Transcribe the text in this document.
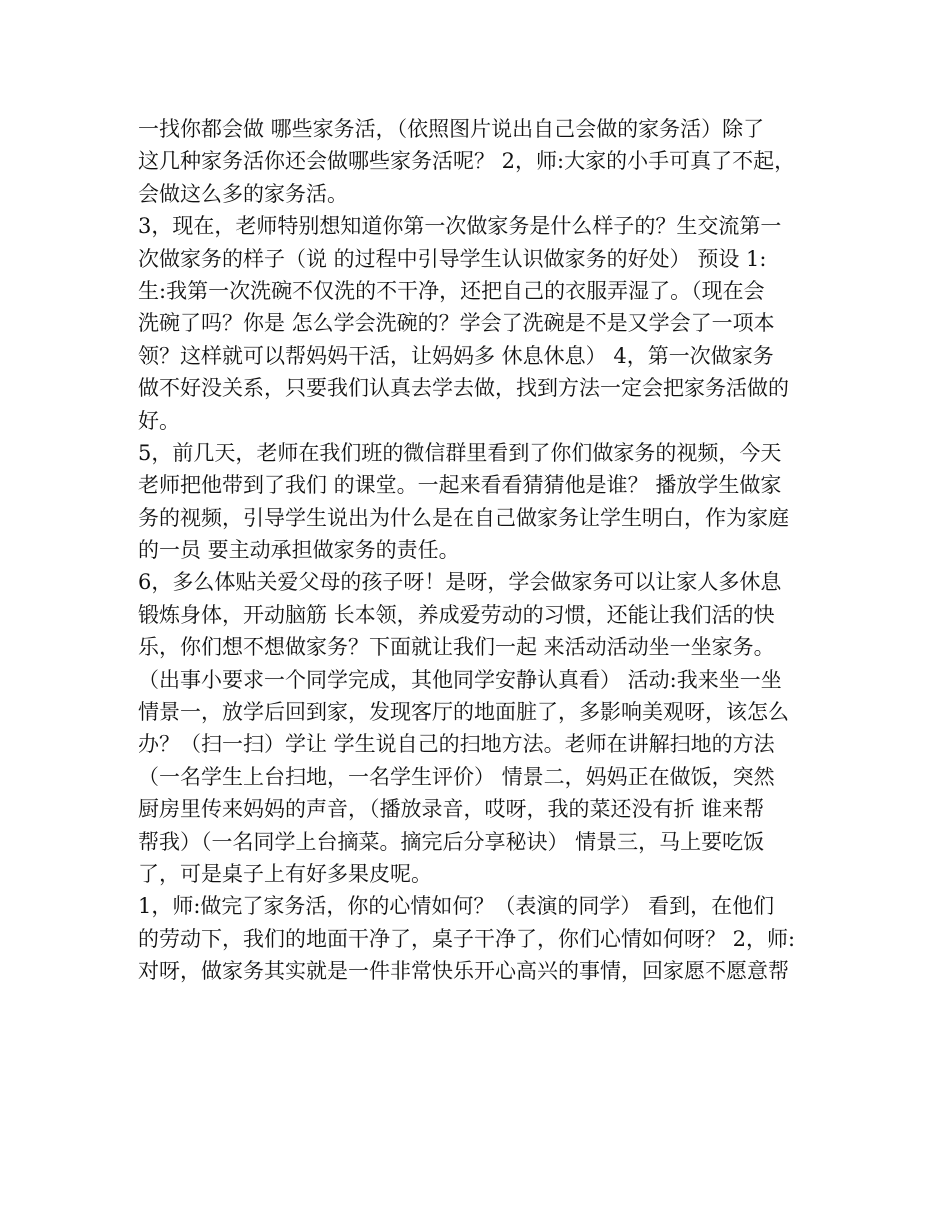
一找你都会做 哪些家务活，（依照图片说出自己会做的家务活）除了
这几种家务活你还会做哪些家务活呢？ 2，师:大家的小手可真了不起，
会做这么多的家务活。
3，现在，老师特别想知道你第一次做家务是什么样子的？生交流第一
次做家务的样子（说 的过程中引导学生认识做家务的好处） 预设 1:
生:我第一次洗碗不仅洗的不干净，还把自己的衣服弄湿了。（现在会
洗碗了吗？你是 怎么学会洗碗的？学会了洗碗是不是又学会了一项本
领？这样就可以帮妈妈干活，让妈妈多 休息休息） 4，第一次做家务
做不好没关系，只要我们认真去学去做，找到方法一定会把家务活做的
好。
5，前几天，老师在我们班的微信群里看到了你们做家务的视频，今天
老师把他带到了我们 的课堂。一起来看看猜猜他是谁？ 播放学生做家
务的视频，引导学生说出为什么是在自己做家务让学生明白，作为家庭
的一员 要主动承担做家务的责任。
6，多么体贴关爱父母的孩子呀！是呀，学会做家务可以让家人多休息
锻炼身体，开动脑筋 长本领，养成爱劳动的习惯，还能让我们活的快
乐，你们想不想做家务？下面就让我们一起 来活动活动坐一坐家务。
（出事小要求一个同学完成，其他同学安静认真看） 活动:我来坐一坐
情景一，放学后回到家，发现客厅的地面脏了，多影响美观呀，该怎么
办？（扫一扫）学让 学生说自己的扫地方法。老师在讲解扫地的方法
（一名学生上台扫地，一名学生评价） 情景二，妈妈正在做饭，突然
厨房里传来妈妈的声音，（播放录音，哎呀，我的菜还没有折 谁来帮
帮我）（一名同学上台摘菜。摘完后分享秘诀） 情景三，马上要吃饭
了，可是桌子上有好多果皮呢。
1，师:做完了家务活，你的心情如何？（表演的同学） 看到，在他们
的劳动下，我们的地面干净了，桌子干净了，你们心情如何呀？ 2，师:
对呀，做家务其实就是一件非常快乐开心高兴的事情，回家愿不愿意帮
